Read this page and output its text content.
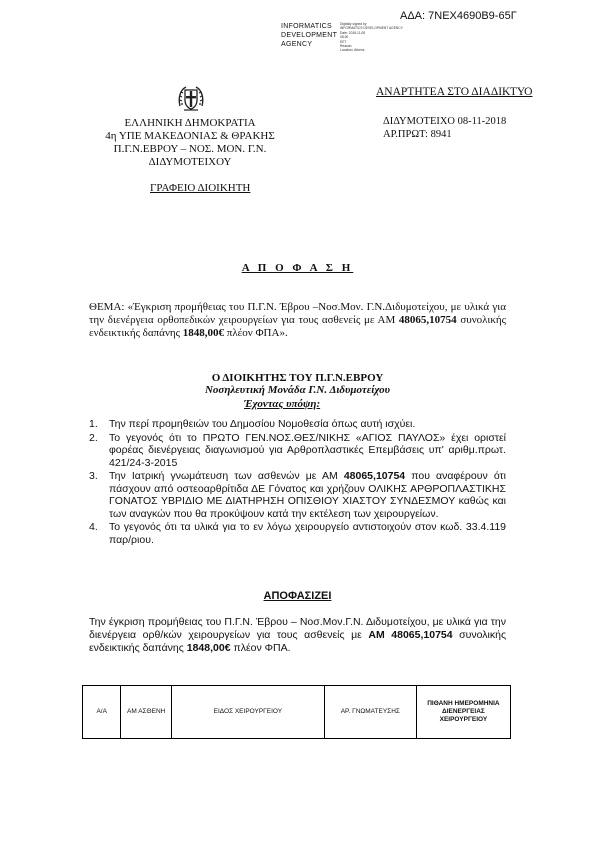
ΑΔΑ: 7ΝΕΧ4690Β9-65Γ
INFORMATICS
DEVELOPMENT
AGENCY
Digitally signed by
INFORMATICS DEVELOPMENT AGENCY
Date: 2018.11.08
08:30
EET
Reason:
Location: Athens
ΕΛΛΗΝΙΚΗ ΔΗΜΟΚΡΑΤΙΑ
4η ΥΠΕ ΜΑΚΕΔΟΝΙΑΣ & ΘΡΑΚΗΣ
Π.Γ.Ν.ΕΒΡΟΥ – ΝΟΣ. ΜΟΝ. Γ.Ν.
ΔΙΔΥΜΟΤΕΙΧΟΥ
ΓΡΑΦΕΙΟ ΔΙΟΙΚΗΤΗ
ΑΝΑΡΤΗΤΕΑ ΣΤΟ ΔΙΑΔΙΚΤΥΟ
ΔΙΔΥΜΟΤΕΙΧΟ 08-11-2018
ΑΡ.ΠΡΩΤ: 8941
Α Π Ο Φ Α Σ Η
ΘΕΜΑ: «Έγκριση προμήθειας του Π.Γ.Ν. Έβρου –Νοσ.Μον. Γ.Ν.Διδυμοτείχου, με υλικά για την διενέργεια ορθοπεδικών χειρουργείων για τους ασθενείς με ΑΜ 48065,10754 συνολικής ενδεικτικής δαπάνης 1848,00€ πλέον ΦΠΑ».
Ο ΔΙΟΙΚΗΤΗΣ ΤΟΥ Π.Γ.Ν.ΕΒΡΟΥ
Νοσηλευτική Μονάδα Γ.Ν. Διδυμοτείχου
Έχοντας υπόψη:
1. Την περί προμηθειών του Δημοσίου Νομοθεσία όπως αυτή ισχύει.
2. Το γεγονός ότι το ΠΡΩΤΟ ΓΕΝ.ΝΟΣ.ΘΕΣ/ΝΙΚΗΣ «ΑΓΙΟΣ ΠΑΥΛΟΣ» έχει οριστεί φορέας διενέργειας διαγωνισμού για Αρθροπλαστικές Επεμβάσεις υπ' αριθμ.πρωτ. 421/24-3-2015
3. Την Ιατρική γνωμάτευση των ασθενών με ΑΜ 48065,10754 που αναφέρουν ότι πάσχουν από οστεοαρθρίτιδα ΔΕ Γόνατος και χρήζουν ΟΛΙΚΗΣ ΑΡΘΡΟΠΛΑΣΤΙΚΗΣ ΓΟΝΑΤΟΣ ΥΒΡΙΔΙΟ ΜΕ ΔΙΑΤΗΡΗΣΗ ΟΠΙΣΘΙΟΥ ΧΙΑΣΤΟΥ ΣΥΝΔΕΣΜΟΥ καθώς και των αναγκών που θα προκύψουν κατά την εκτέλεση των χειρουργείων.
4. Το γεγονός ότι τα υλικά για το εν λόγω χειρουργείο αντιστοιχούν στον κωδ. 33.4.119 παρ/ριου.
ΑΠΟΦΑΣΙΖΕΙ
Την έγκριση προμήθειας του Π.Γ.Ν. Έβρου – Νοσ.Μον.Γ.Ν. Διδυμοτείχου, με υλικά για την διενέργεια ορθ/κών χειρουργείων για τους ασθενείς με ΑΜ 48065,10754 συνολικής ενδεικτικής δαπάνης 1848,00€ πλέον ΦΠΑ.
Α/Α	ΑΜ ΑΣΘΕΝΗ	ΕΙΔΟΣ ΧΕΙΡΟΥΡΓΕΙΟΥ	ΑΡ. ΓΝΩΜΑΤΕΥΣΗΣ	ΠΙΘΑΝΗ ΗΜΕΡΟΜΗΝΙΑ ΔΙΕΝΕΡΓΕΙΑΣ ΧΕΙΡΟΥΡΓΕΙΟΥ
